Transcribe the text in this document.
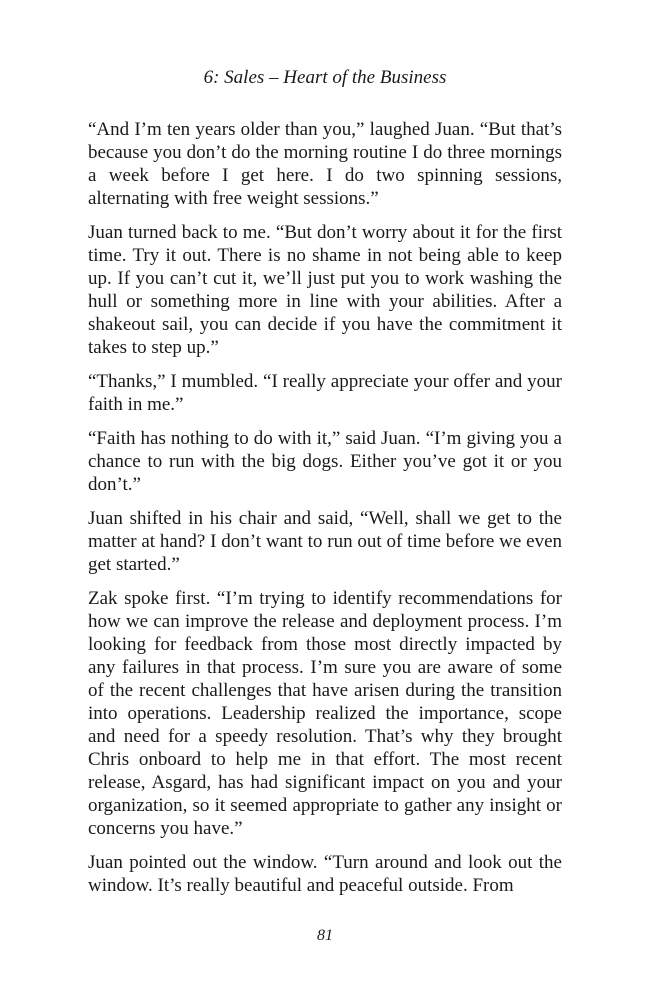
6: Sales – Heart of the Business

“And I’m ten years older than you,” laughed Juan. “But that’s because you don’t do the morning routine I do three mornings a week before I get here. I do two spinning sessions, alternating with free weight sessions.”

Juan turned back to me. “But don’t worry about it for the first time. Try it out. There is no shame in not being able to keep up. If you can’t cut it, we’ll just put you to work washing the hull or something more in line with your abilities. After a shakeout sail, you can decide if you have the commitment it takes to step up.”

“Thanks,” I mumbled. “I really appreciate your offer and your faith in me.”

“Faith has nothing to do with it,” said Juan. “I’m giving you a chance to run with the big dogs. Either you’ve got it or you don’t.”

Juan shifted in his chair and said, “Well, shall we get to the matter at hand? I don’t want to run out of time before we even get started.”

Zak spoke first. “I’m trying to identify recommendations for how we can improve the release and deployment process. I’m looking for feedback from those most directly impacted by any failures in that process. I’m sure you are aware of some of the recent challenges that have arisen during the transition into operations. Leadership realized the importance, scope and need for a speedy resolution. That’s why they brought Chris onboard to help me in that effort. The most recent release, Asgard, has had significant impact on you and your organization, so it seemed appropriate to gather any insight or concerns you have.”

Juan pointed out the window. “Turn around and look out the window. It’s really beautiful and peaceful outside. From

81
